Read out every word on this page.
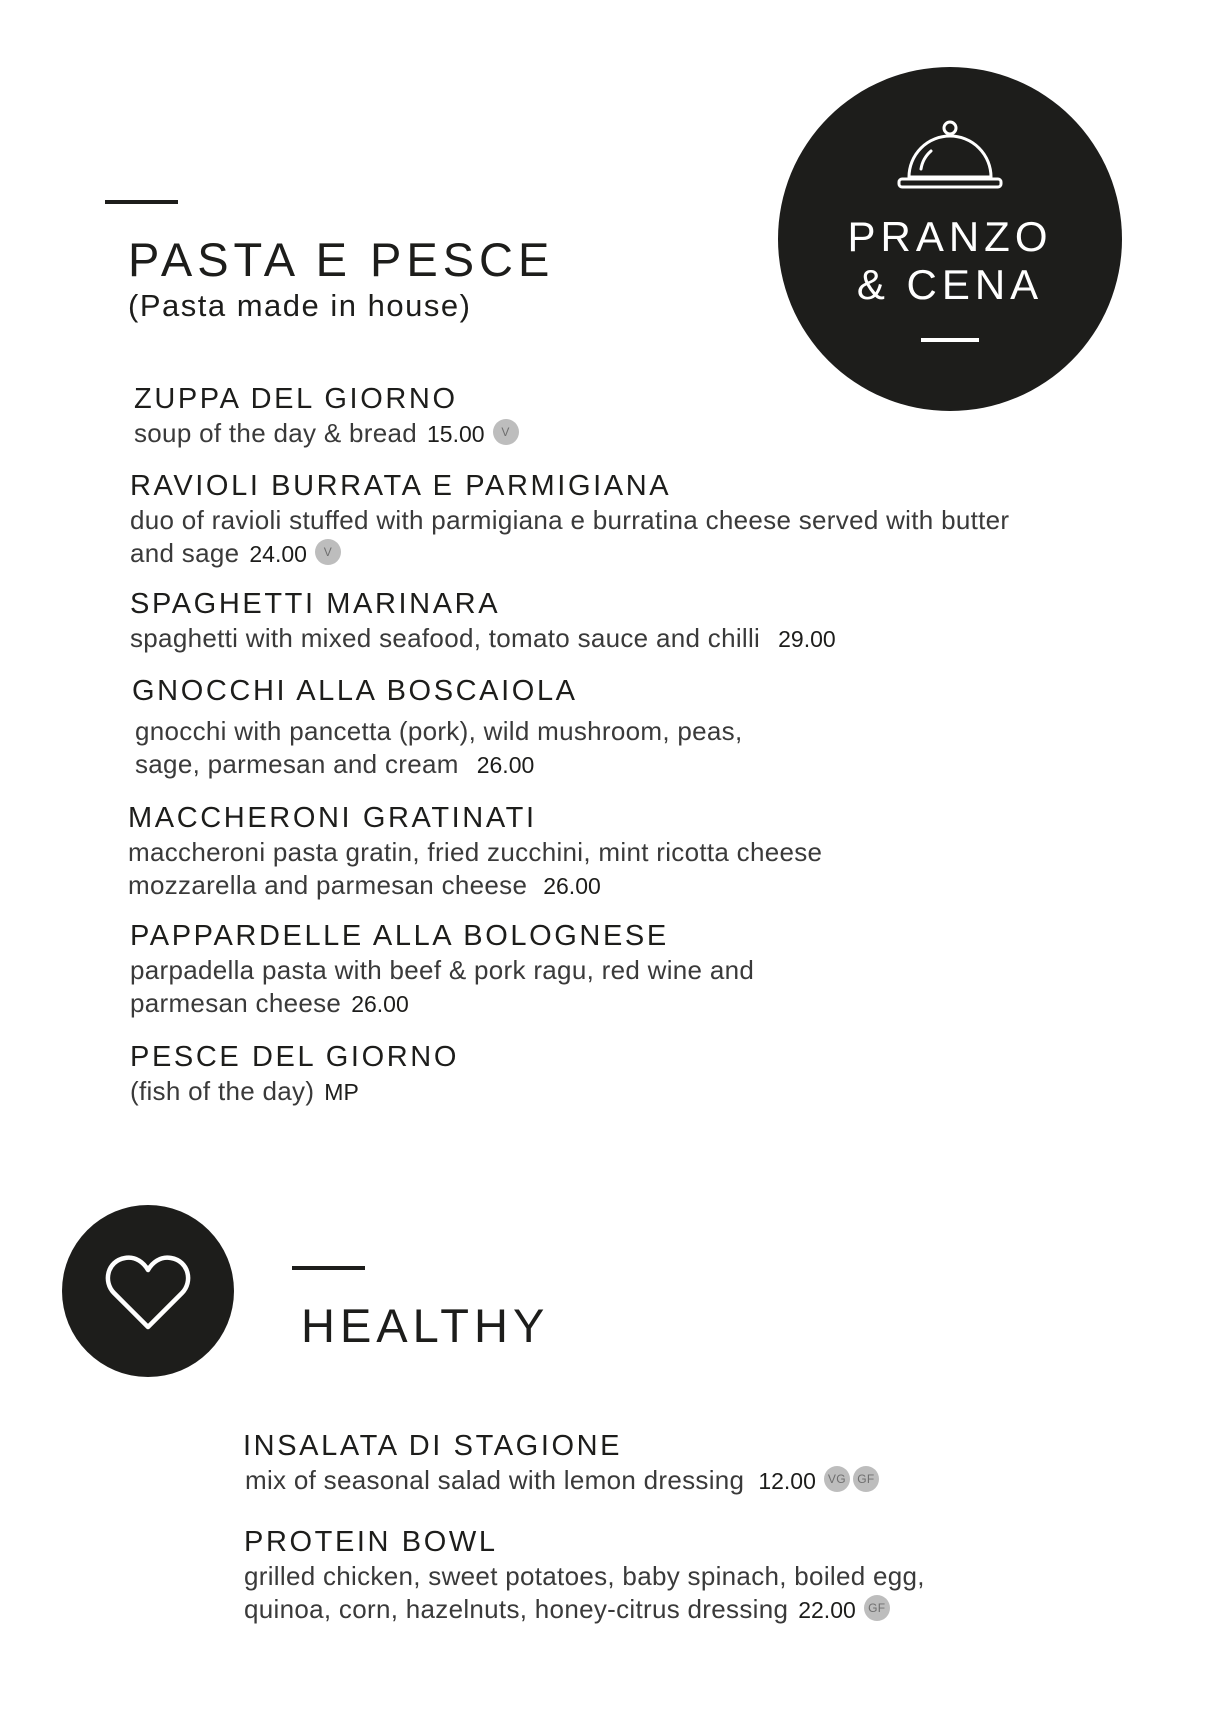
PASTA E PESCE
(Pasta made in house)
PRANZO
& CENA
ZUPPA DEL GIORNO
soup of the day & bread 15.00 V
RAVIOLI BURRATA E PARMIGIANA
duo of ravioli stuffed with parmigiana e burratina cheese served with butter
and sage 24.00 V
SPAGHETTI MARINARA
spaghetti with mixed seafood, tomato sauce and chilli 29.00
GNOCCHI ALLA BOSCAIOLA
gnocchi with pancetta (pork), wild mushroom, peas,
sage, parmesan and cream 26.00
MACCHERONI GRATINATI
maccheroni pasta gratin, fried zucchini, mint ricotta cheese
mozzarella and parmesan cheese 26.00
PAPPARDELLE ALLA BOLOGNESE
parpadella pasta with beef & pork ragu, red wine and
parmesan cheese 26.00
PESCE DEL GIORNO
(fish of the day) MP
HEALTHY
INSALATA DI STAGIONE
mix of seasonal salad with lemon dressing 12.00 VG GF
PROTEIN BOWL
grilled chicken, sweet potatoes, baby spinach, boiled egg,
quinoa, corn, hazelnuts, honey-citrus dressing 22.00 GF
